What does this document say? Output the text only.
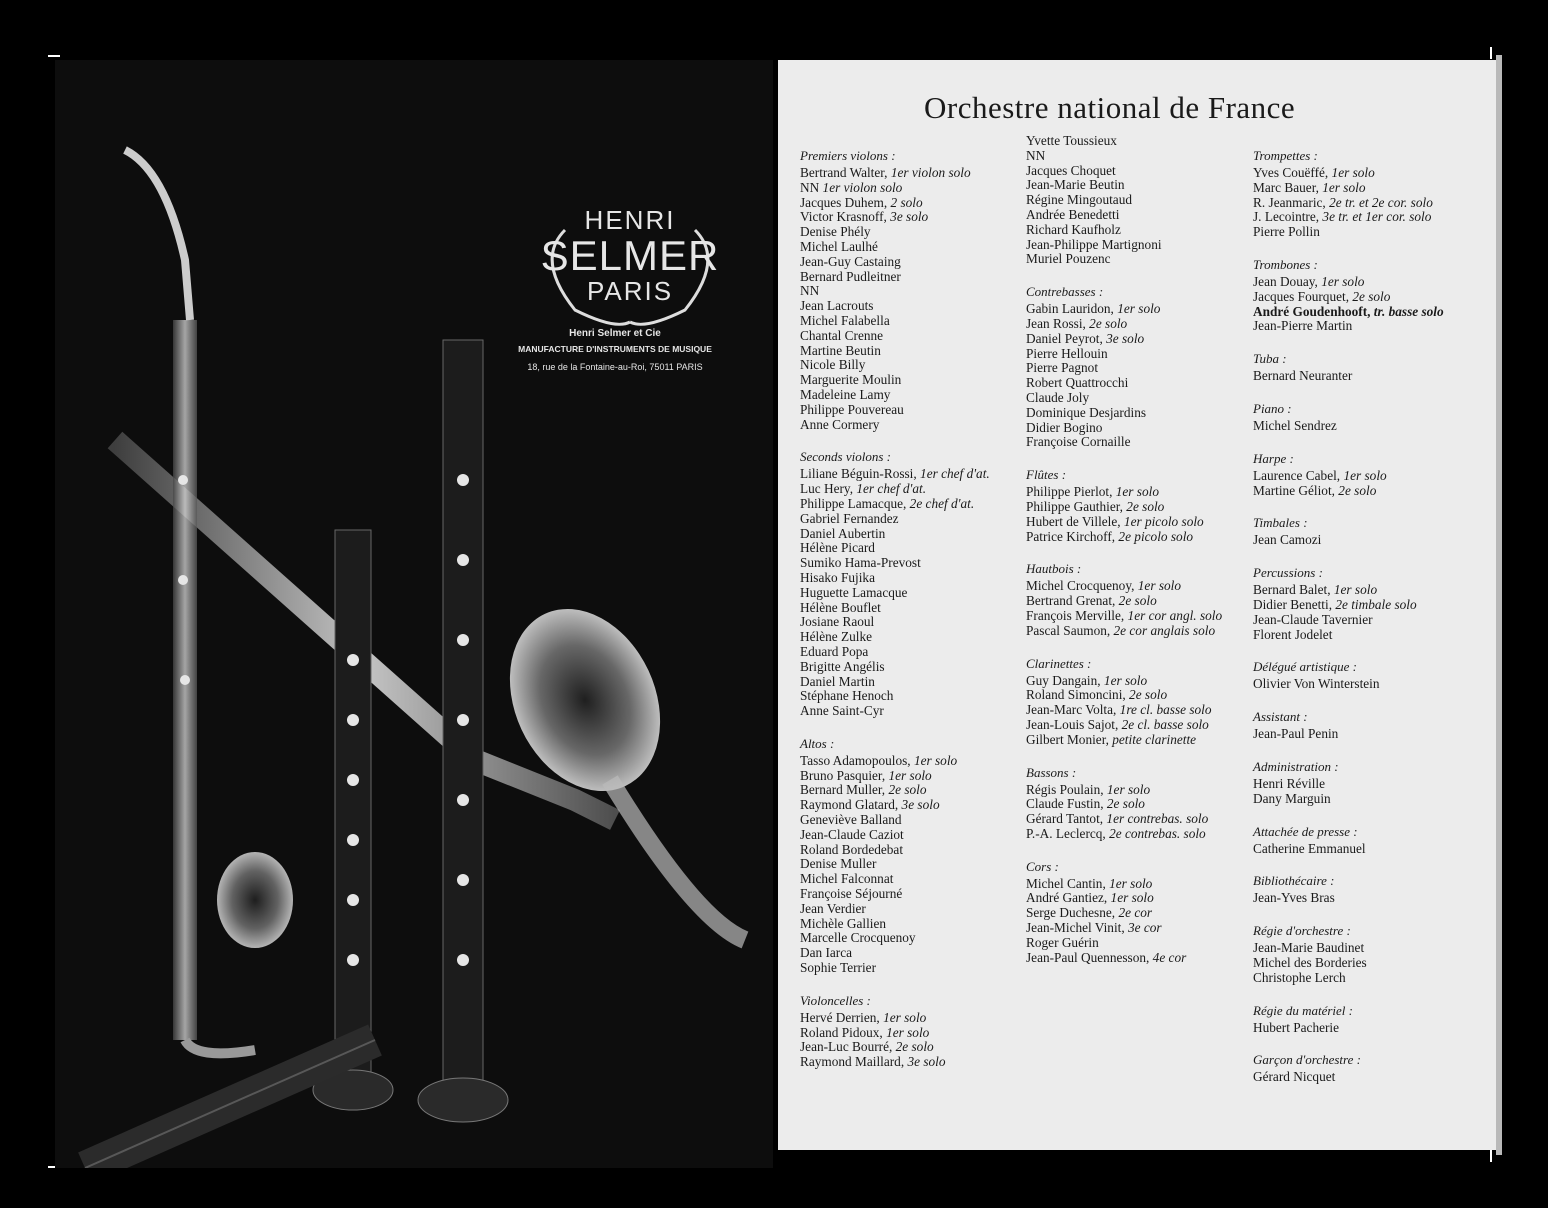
HENRI
SELMER
PARIS
Henri Selmer et Cie
MANUFACTURE D'INSTRUMENTS DE MUSIQUE
18, rue de la Fontaine-au-Roi, 75011 PARIS
Orchestre national de France
Premiers violons :
Bertrand Walter, 1er violon solo
NN 1er violon solo
Jacques Duhem, 2 solo
Victor Krasnoff, 3e solo
Denise Phély
Michel Laulhé
Jean-Guy Castaing
Bernard Pudleitner
NN
Jean Lacrouts
Michel Falabella
Chantal Crenne
Martine Beutin
Nicole Billy
Marguerite Moulin
Madeleine Lamy
Philippe Pouvereau
Anne Cormery
Seconds violons :
Liliane Béguin-Rossi, 1er chef d'at.
Luc Hery, 1er chef d'at.
Philippe Lamacque, 2e chef d'at.
Gabriel Fernandez
Daniel Aubertin
Hélène Picard
Sumiko Hama-Prevost
Hisako Fujika
Huguette Lamacque
Hélène Bouflet
Josiane Raoul
Hélène Zulke
Eduard Popa
Brigitte Angélis
Daniel Martin
Stéphane Henoch
Anne Saint-Cyr
Altos :
Tasso Adamopoulos, 1er solo
Bruno Pasquier, 1er solo
Bernard Muller, 2e solo
Raymond Glatard, 3e solo
Geneviève Balland
Jean-Claude Caziot
Roland Bordedebat
Denise Muller
Michel Falconnat
Françoise Séjourné
Jean Verdier
Michèle Gallien
Marcelle Crocquenoy
Dan Iarca
Sophie Terrier
Violoncelles :
Hervé Derrien, 1er solo
Roland Pidoux, 1er solo
Jean-Luc Bourré, 2e solo
Raymond Maillard, 3e solo
Yvette Toussieux
NN
Jacques Choquet
Jean-Marie Beutin
Régine Mingoutaud
Andrée Benedetti
Richard Kaufholz
Jean-Philippe Martignoni
Muriel Pouzenc
Contrebasses :
Gabin Lauridon, 1er solo
Jean Rossi, 2e solo
Daniel Peyrot, 3e solo
Pierre Hellouin
Pierre Pagnot
Robert Quattrocchi
Claude Joly
Dominique Desjardins
Didier Bogino
Françoise Cornaille
Flûtes :
Philippe Pierlot, 1er solo
Philippe Gauthier, 2e solo
Hubert de Villele, 1er picolo solo
Patrice Kirchoff, 2e picolo solo
Hautbois :
Michel Crocquenoy, 1er solo
Bertrand Grenat, 2e solo
François Merville, 1er cor angl. solo
Pascal Saumon, 2e cor anglais solo
Clarinettes :
Guy Dangain, 1er solo
Roland Simoncini, 2e solo
Jean-Marc Volta, 1re cl. basse solo
Jean-Louis Sajot, 2e cl. basse solo
Gilbert Monier, petite clarinette
Bassons :
Régis Poulain, 1er solo
Claude Fustin, 2e solo
Gérard Tantot, 1er contrebas. solo
P.-A. Leclercq, 2e contrebas. solo
Cors :
Michel Cantin, 1er solo
André Gantiez, 1er solo
Serge Duchesne, 2e cor
Jean-Michel Vinit, 3e cor
Roger Guérin
Jean-Paul Quennesson, 4e cor
Trompettes :
Yves Couëffé, 1er solo
Marc Bauer, 1er solo
R. Jeanmaric, 2e tr. et 2e cor. solo
J. Lecointre, 3e tr. et 1er cor. solo
Pierre Pollin
Trombones :
Jean Douay, 1er solo
Jacques Fourquet, 2e solo
André Goudenhooft, tr. basse solo
Jean-Pierre Martin
Tuba :
Bernard Neuranter
Piano :
Michel Sendrez
Harpe :
Laurence Cabel, 1er solo
Martine Géliot, 2e solo
Timbales :
Jean Camozi
Percussions :
Bernard Balet, 1er solo
Didier Benetti, 2e timbale solo
Jean-Claude Tavernier
Florent Jodelet
Délégué artistique :
Olivier Von Winterstein
Assistant :
Jean-Paul Penin
Administration :
Henri Réville
Dany Marguin
Attachée de presse :
Catherine Emmanuel
Bibliothécaire :
Jean-Yves Bras
Régie d'orchestre :
Jean-Marie Baudinet
Michel des Borderies
Christophe Lerch
Régie du matériel :
Hubert Pacherie
Garçon d'orchestre :
Gérard Nicquet
